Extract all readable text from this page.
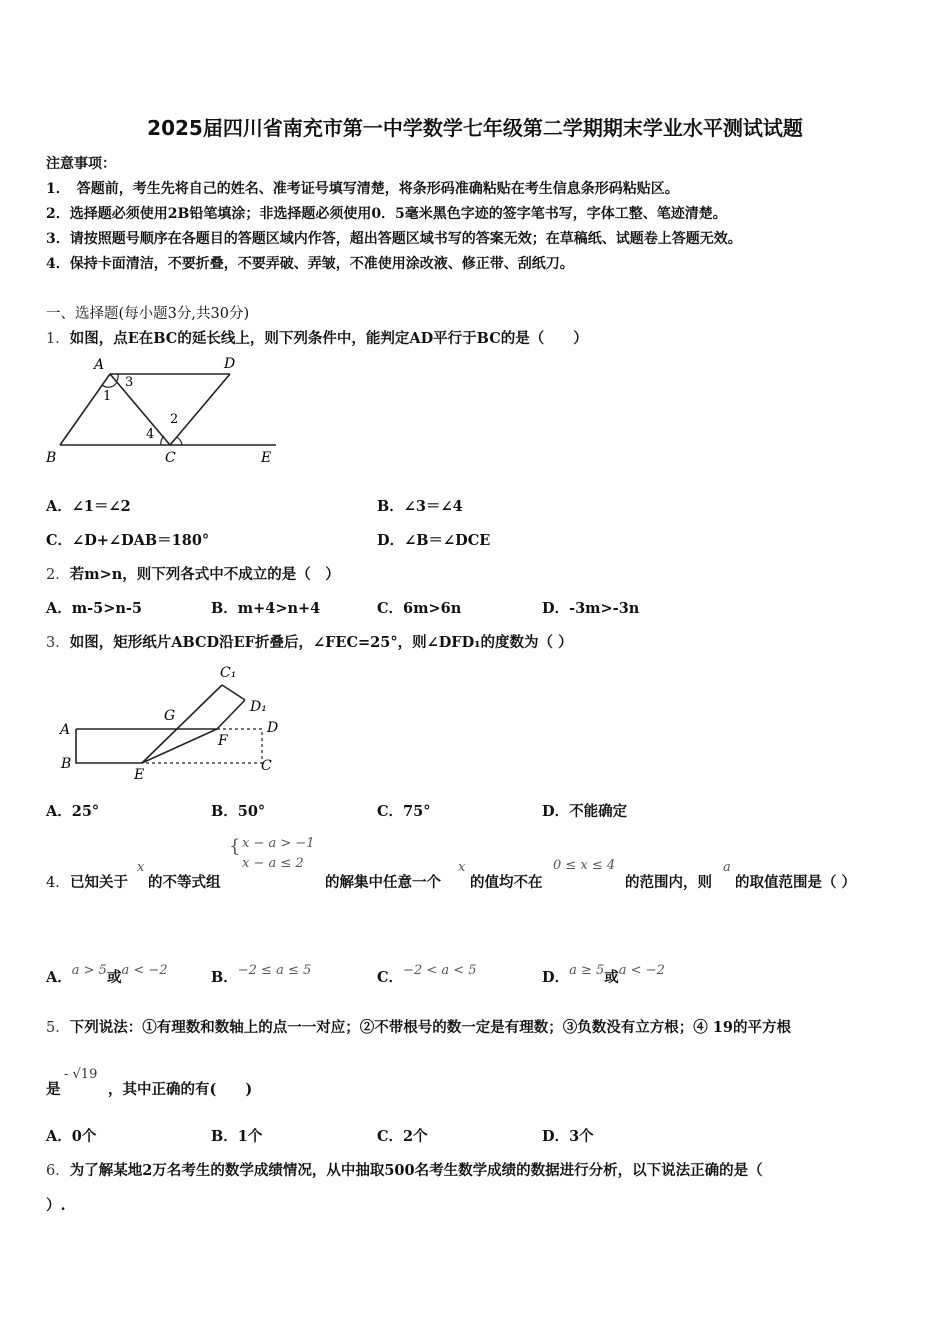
2025届四川省南充市第一中学数学七年级第二学期期末学业水平测试试题
注意事项：
1．　答题前，考生先将自己的姓名、准考证号填写清楚，将条形码准确粘贴在考生信息条形码粘贴区。
2．选择题必须使用2B铅笔填涂；非选择题必须使用0．5毫米黑色字迹的签字笔书写，字体工整、笔迹清楚。
3．请按照题号顺序在各题目的答题区域内作答，超出答题区域书写的答案无效；在草稿纸、试题卷上答题无效。
4．保持卡面清洁，不要折叠，不要弄破、弄皱，不准使用涂改液、修正带、刮纸刀。
一、选择题(每小题3分,共30分)
1．如图，点E在BC的延长线上，则下列条件中，能判定AD平行于BC的是（　　）
A	D
1
3
2
4
B	C	E
A．∠1＝∠2	B．∠3＝∠4
C．∠D+∠DAB＝180°	D．∠B＝∠DCE
2．若m>n，则下列各式中不成立的是（　）
A．m-5>n-5	B．m+4>n+4	C．6m>6n	D．-3m>-3n
3．如图，矩形纸片ABCD沿EF折叠后，∠FEC=25°，则∠DFD₁的度数为（ ）
C₁
D₁
G
A
F
D
B
E
C
A．25°	B．50°	C．75°	D．不能确定
4． 已知关于
x
的不等式组
{ x − a > −1
x − a ≤ 2
的解集中任意一个
x
的值均不在
0 ≤ x ≤ 4
的范围内，则
a
的取值范围是（ ）
A．a > 5或a < −2	B．−2 ≤ a ≤ 5	C．−2 < a < 5	D．a ≥ 5或a < −2
5．下列说法：①有理数和数轴上的点一一对应；②不带根号的数一定是有理数；③负数没有立方根；④ 19的平方根
是
- √19
，其中正确的有(　　)
A．0个	B．1个	C．2个	D．3个
6．为了解某地2万名考生的数学成绩情况，从中抽取500名考生数学成绩的数据进行分析，以下说法正确的是（
）.
